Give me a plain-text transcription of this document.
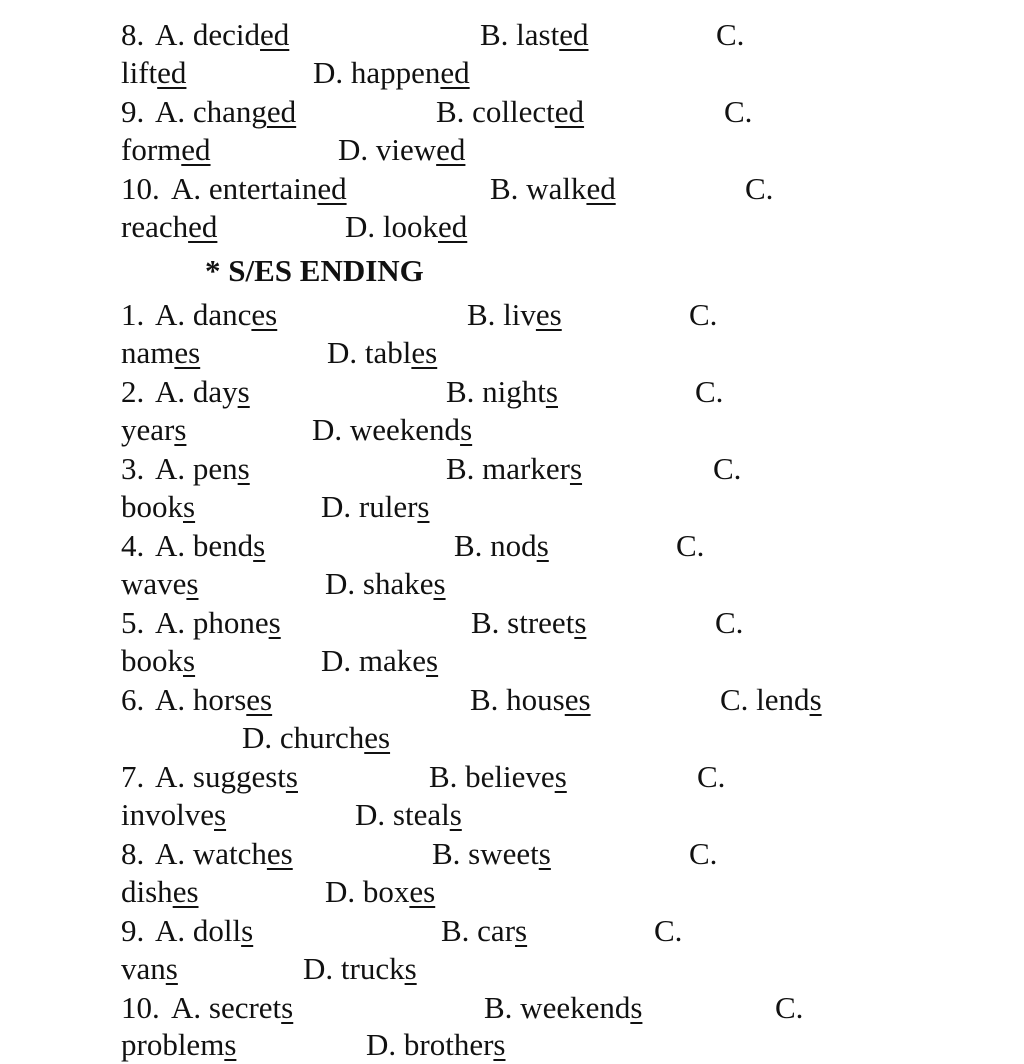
8. A. decided	B. lasted	C.
lifted	D. happened
9. A. changed	B. collected	C.
formed	D. viewed
10. A. entertained	B. walked	C.
reached	D. looked
* S/ES ENDING
1. A. dances	B. lives	C.
names	D. tables
2. A. days	B. nights	C.
years	D. weekends
3. A. pens	B. markers	C.
books	D. rulers
4. A. bends	B. nods	C.
waves	D. shakes
5. A. phones	B. streets	C.
books	D. makes
6. A. horses	B. houses	C. lends
D. churches
7. A. suggests	B. believes	C.
involves	D. steals
8. A. watches	B. sweets	C.
dishes	D. boxes
9. A. dolls	B. cars	C.
vans	D. trucks
10. A. secrets	B. weekends	C.
problems	D. brothers
